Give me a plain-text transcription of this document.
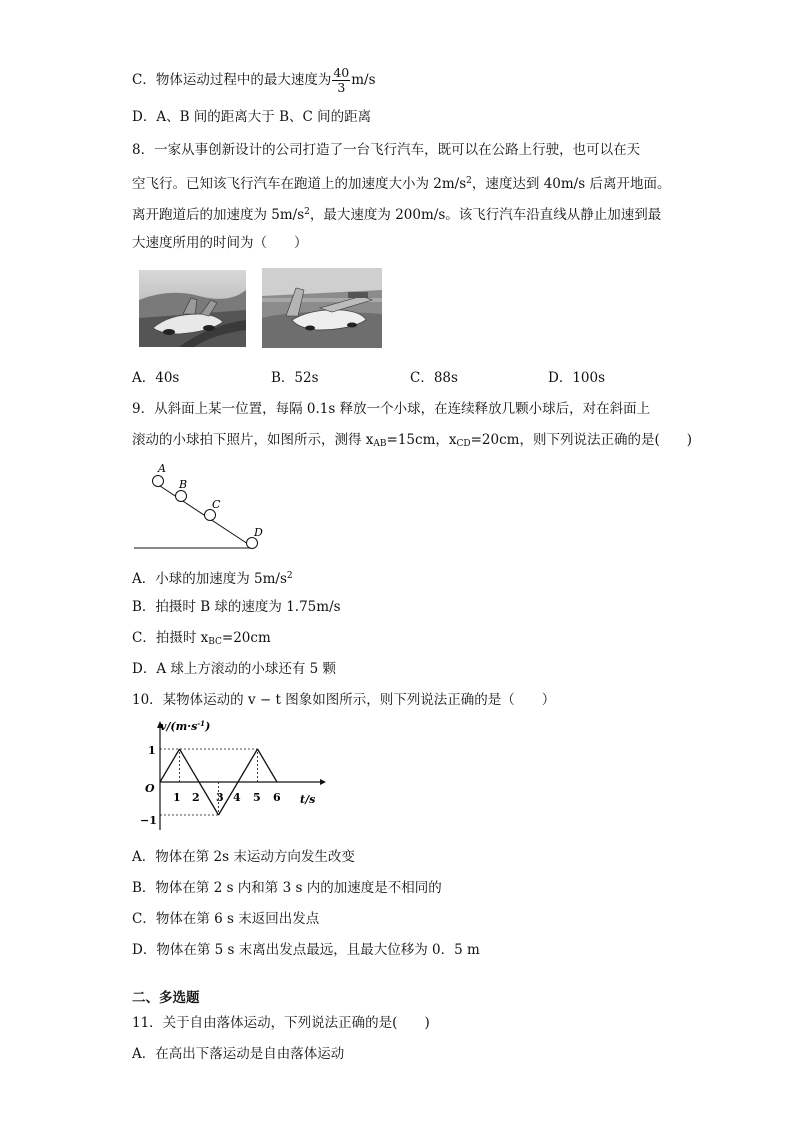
C．物体运动过程中的最大速度为 $\frac{40}{3} m/s$
D．A、B 间的距离大于 B、C 间的距离
8．一家从事创新设计的公司打造了一台飞行汽车，既可以在公路上行驶，也可以在天
空飞行。已知该飞行汽车在跑道上的加速度大小为 $2m/s^2$，速度达到 40m/s 后离开地面。
离开跑道后的加速度为 $5m/s^2$，最大速度为 200m/s。该飞行汽车沿直线从静止加速到最
大速度所用的时间为（　　）
A．40s	B．52s	C．88s	D．100s
9．从斜面上某一位置，每隔 0.1s 释放一个小球，在连续释放几颗小球后，对在斜面上
滚动的小球拍下照片，如图所示，测得 $x_{AB}=15cm$，$x_{CD}=20cm$，则下列说法正确的是(　　)
A
B
C
D
A．小球的加速度为 $5m/s^2$
B．拍摄时 B 球的速度为 1.75m/s
C．拍摄时 $x_{BC}=20cm$
D．A 球上方滚动的小球还有 5 颗
10．某物体运动的 v − t 图象如图所示，则下列说法正确的是（　　）
$v/(m\cdot s^{-1})$
t/s
O
1
−1
1 2 3 4 5 6
A．物体在第 2s 末运动方向发生改变
B．物体在第 2 s 内和第 3 s 内的加速度是不相同的
C．物体在第 6 s 末返回出发点
D．物体在第 5 s 末离出发点最远，且最大位移为 0．5 m
二、多选题
11．关于自由落体运动，下列说法正确的是(　　)
A．在高出下落运动是自由落体运动
